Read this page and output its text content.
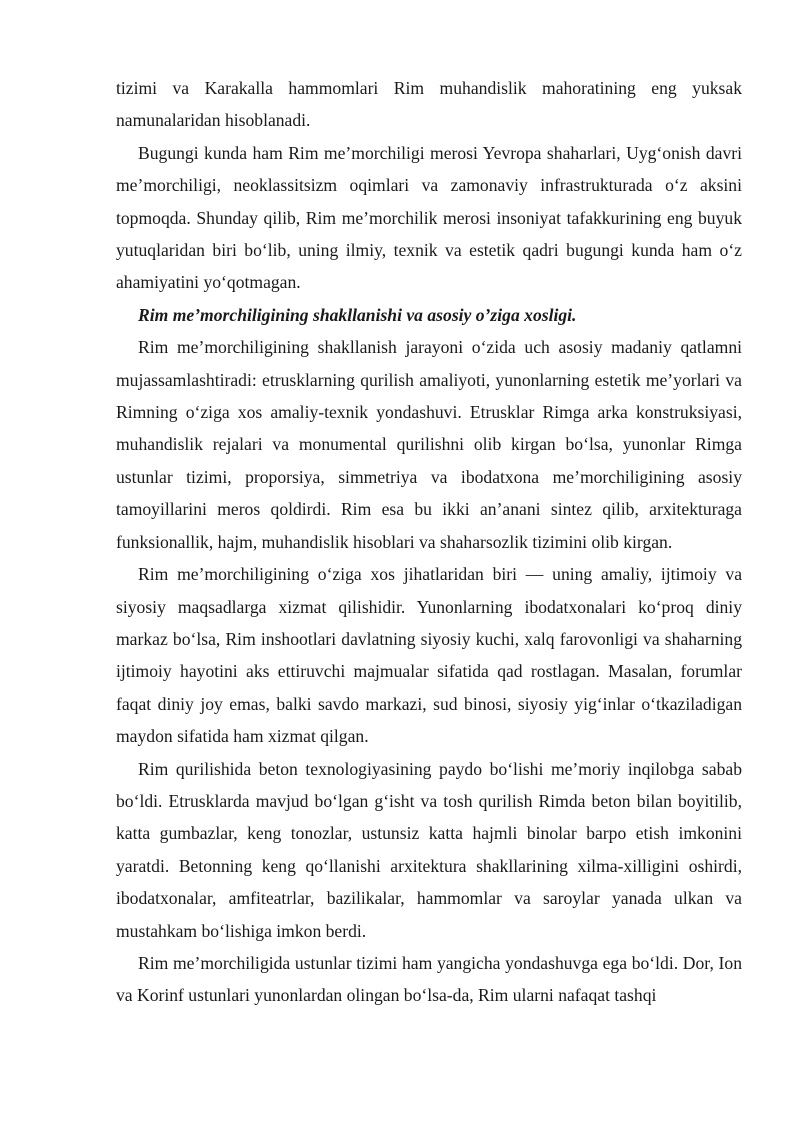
tizimi va Karakalla hammomlari Rim muhandislik mahoratining eng yuksak namunalaridan hisoblanadi.

Bugungi kunda ham Rim me’morchiligi merosi Yevropa shaharlari, Uyg‘onish davri me’morchiligi, neoklassitsizm oqimlari va zamonaviy infrastrukturada o‘z aksini topmoqda. Shunday qilib, Rim me’morchilik merosi insoniyat tafakkurining eng buyuk yutuqlaridan biri bo‘lib, uning ilmiy, texnik va estetik qadri bugungi kunda ham o‘z ahamiyatini yo‘qotmagan.

Rim me’morchiligining shakllanishi va asosiy o’ziga xosligi.

Rim me’morchiligining shakllanish jarayoni o‘zida uch asosiy madaniy qatlamni mujassamlashtiradi: etrusklarning qurilish amaliyoti, yunonlarning estetik me’yorlari va Rimning o‘ziga xos amaliy-texnik yondashuvi. Etrusklar Rimga arka konstruksiyasi, muhandislik rejalari va monumental qurilishni olib kirgan bo‘lsa, yunonlar Rimga ustunlar tizimi, proporsiya, simmetriya va ibodatxona me’morchiligining asosiy tamoyillarini meros qoldirdi. Rim esa bu ikki an’anani sintez qilib, arxitekturaga funksionallik, hajm, muhandislik hisoblari va shaharsozlik tizimini olib kirgan.

Rim me’morchiligining o‘ziga xos jihatlaridan biri — uning amaliy, ijtimoiy va siyosiy maqsadlarga xizmat qilishidir. Yunonlarning ibodatxonalari ko‘proq diniy markaz bo‘lsa, Rim inshootlari davlatning siyosiy kuchi, xalq farovonligi va shaharning ijtimoiy hayotini aks ettiruvchi majmualar sifatida qad rostlagan. Masalan, forumlar faqat diniy joy emas, balki savdo markazi, sud binosi, siyosiy yig‘inlar o‘tkaziladigan maydon sifatida ham xizmat qilgan.

Rim qurilishida beton texnologiyasining paydo bo‘lishi me’moriy inqilobga sabab bo‘ldi. Etrusklarda mavjud bo‘lgan g‘isht va tosh qurilish Rimda beton bilan boyitilib, katta gumbazlar, keng tonozlar, ustunsiz katta hajmli binolar barpo etish imkonini yaratdi. Betonning keng qo‘llanishi arxitektura shakllarining xilma-xilligini oshirdi, ibodatxonalar, amfiteatrlar, bazilikalar, hammomlar va saroylar yanada ulkan va mustahkam bo‘lishiga imkon berdi.

Rim me’morchiligida ustunlar tizimi ham yangicha yondashuvga ega bo‘ldi. Dor, Ion va Korinf ustunlari yunonlardan olingan bo‘lsa-da, Rim ularni nafaqat tashqi
